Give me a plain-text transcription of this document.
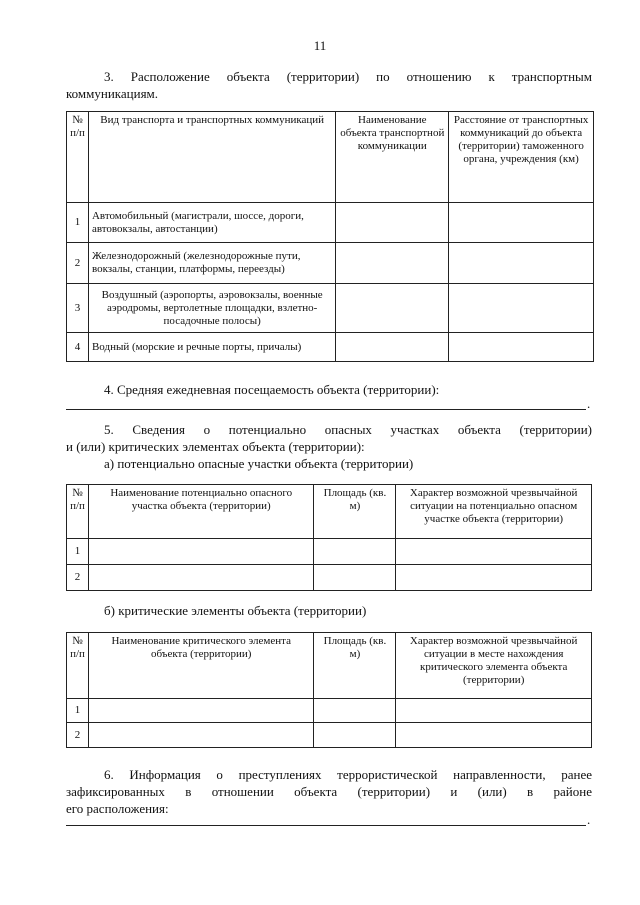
11
3. Расположение объекта (территории) по отношению к транспортным
коммуникациям.
№ п/п	Вид транспорта и транспортных коммуникаций	Наименование объекта транспортной коммуникации	Расстояние от транспортных коммуникаций до объекта (территории) таможенного органа, учреждения (км)
1	Автомобильный (магистрали, шоссе, дороги, автовокзалы, автостанции)		
2	Железнодорожный (железнодорожные пути, вокзалы, станции, платформы, переезды)		
3	Воздушный (аэропорты, аэровокзалы, военные аэродромы, вертолетные площадки, взлетно-посадочные полосы)		
4	Водный (морские и речные порты, причалы)		
4. Средняя ежедневная посещаемость объекта (территории):
.
5. Сведения о потенциально опасных участках объекта (территории)
и (или) критических элементах объекта (территории):
а) потенциально опасные участки объекта (территории)
№ п/п	Наименование потенциально опасного участка объекта (территории)	Площадь (кв. м)	Характер возможной чрезвычайной ситуации на потенциально опасном участке объекта (территории)
1			
2			
б) критические элементы объекта (территории)
№ п/п	Наименование критического элемента объекта (территории)	Площадь (кв. м)	Характер возможной чрезвычайной ситуации в месте нахождения критического элемента объекта (территории)
1			
2			
6. Информация о преступлениях террористической направленности, ранее
зафиксированных в отношении объекта (территории) и (или) в районе
его расположения:
.
